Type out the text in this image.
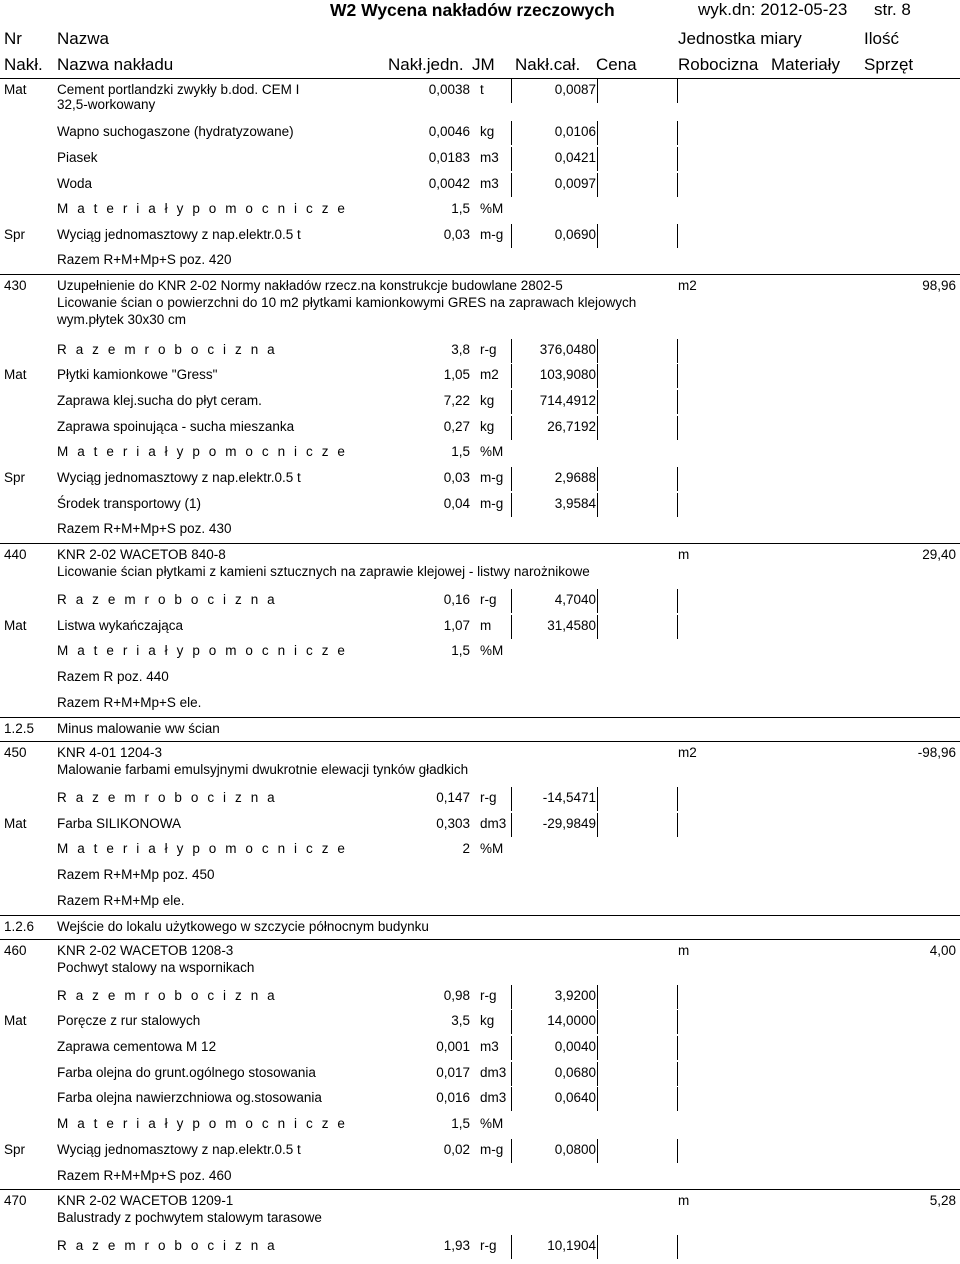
W2 Wycena nakładów rzeczowych	wyk.dn: 2012-05-23 str. 8
Nr Nazwa	Jednostka miary	Ilość
Nakł. Nazwa nakładu	Nakł.jedn. JM Nakł.cał. Cena Robocizna Materiały Sprzęt
Mat Cement portlandzki zwykły b.dod. CEM I	0,0038 t	0,0087
32,5-workowany
Wapno suchogaszone (hydratyzowane)	0,0046 kg	0,0106
Piasek	0,0183 m3	0,0421
Woda	0,0042 m3	0,0097
M a t e r i a ł y p o m o c n i c z e	1,5 %M
Spr Wyciąg jednomasztowy z nap.elektr.0.5 t	0,03 m-g	0,0690
Razem R+M+Mp+S poz. 420
430 Uzupełnienie do KNR 2-02 Normy nakładów rzecz.na konstrukcje budowlane 2802-5	m2	98,96
Licowanie ścian o powierzchni do 10 m2 płytkami kamionkowymi GRES na zaprawach klejowych
wym.płytek 30x30 cm
R a z e m r o b o c i z n a	3,8 r-g	376,0480
Mat Płytki kamionkowe "Gress"	1,05 m2	103,9080
Zaprawa klej.sucha do płyt ceram.	7,22 kg	714,4912
Zaprawa spoinująca - sucha mieszanka	0,27 kg	26,7192
M a t e r i a ł y p o m o c n i c z e	1,5 %M
Spr Wyciąg jednomasztowy z nap.elektr.0.5 t	0,03 m-g	2,9688
Środek transportowy (1)	0,04 m-g	3,9584
Razem R+M+Mp+S poz. 430
440 KNR 2-02 WACETOB 840-8	m	29,40
Licowanie ścian płytkami z kamieni sztucznych na zaprawie klejowej - listwy narożnikowe
R a z e m r o b o c i z n a	0,16 r-g	4,7040
Mat Listwa wykańczająca	1,07 m	31,4580
M a t e r i a ł y p o m o c n i c z e	1,5 %M
Razem R poz. 440
Razem R+M+Mp+S ele.
1.2.5 Minus malowanie ww ścian
450 KNR 4-01 1204-3	m2	-98,96
Malowanie farbami emulsyjnymi dwukrotnie elewacji tynków gładkich
R a z e m r o b o c i z n a	0,147 r-g	-14,5471
Mat Farba SILIKONOWA	0,303 dm3	-29,9849
M a t e r i a ł y p o m o c n i c z e	2 %M
Razem R+M+Mp poz. 450
Razem R+M+Mp ele.
1.2.6 Wejście do lokalu użytkowego w szczycie północnym budynku
460 KNR 2-02 WACETOB 1208-3	m	4,00
Pochwyt stalowy na wspornikach
R a z e m r o b o c i z n a	0,98 r-g	3,9200
Mat Poręcze z rur stalowych	3,5 kg	14,0000
Zaprawa cementowa M 12	0,001 m3	0,0040
Farba olejna do grunt.ogólnego stosowania	0,017 dm3	0,0680
Farba olejna nawierzchniowa og.stosowania	0,016 dm3	0,0640
M a t e r i a ł y p o m o c n i c z e	1,5 %M
Spr Wyciąg jednomasztowy z nap.elektr.0.5 t	0,02 m-g	0,0800
Razem R+M+Mp+S poz. 460
470 KNR 2-02 WACETOB 1209-1	m	5,28
Balustrady z pochwytem stalowym tarasowe
R a z e m r o b o c i z n a	1,93 r-g	10,1904
